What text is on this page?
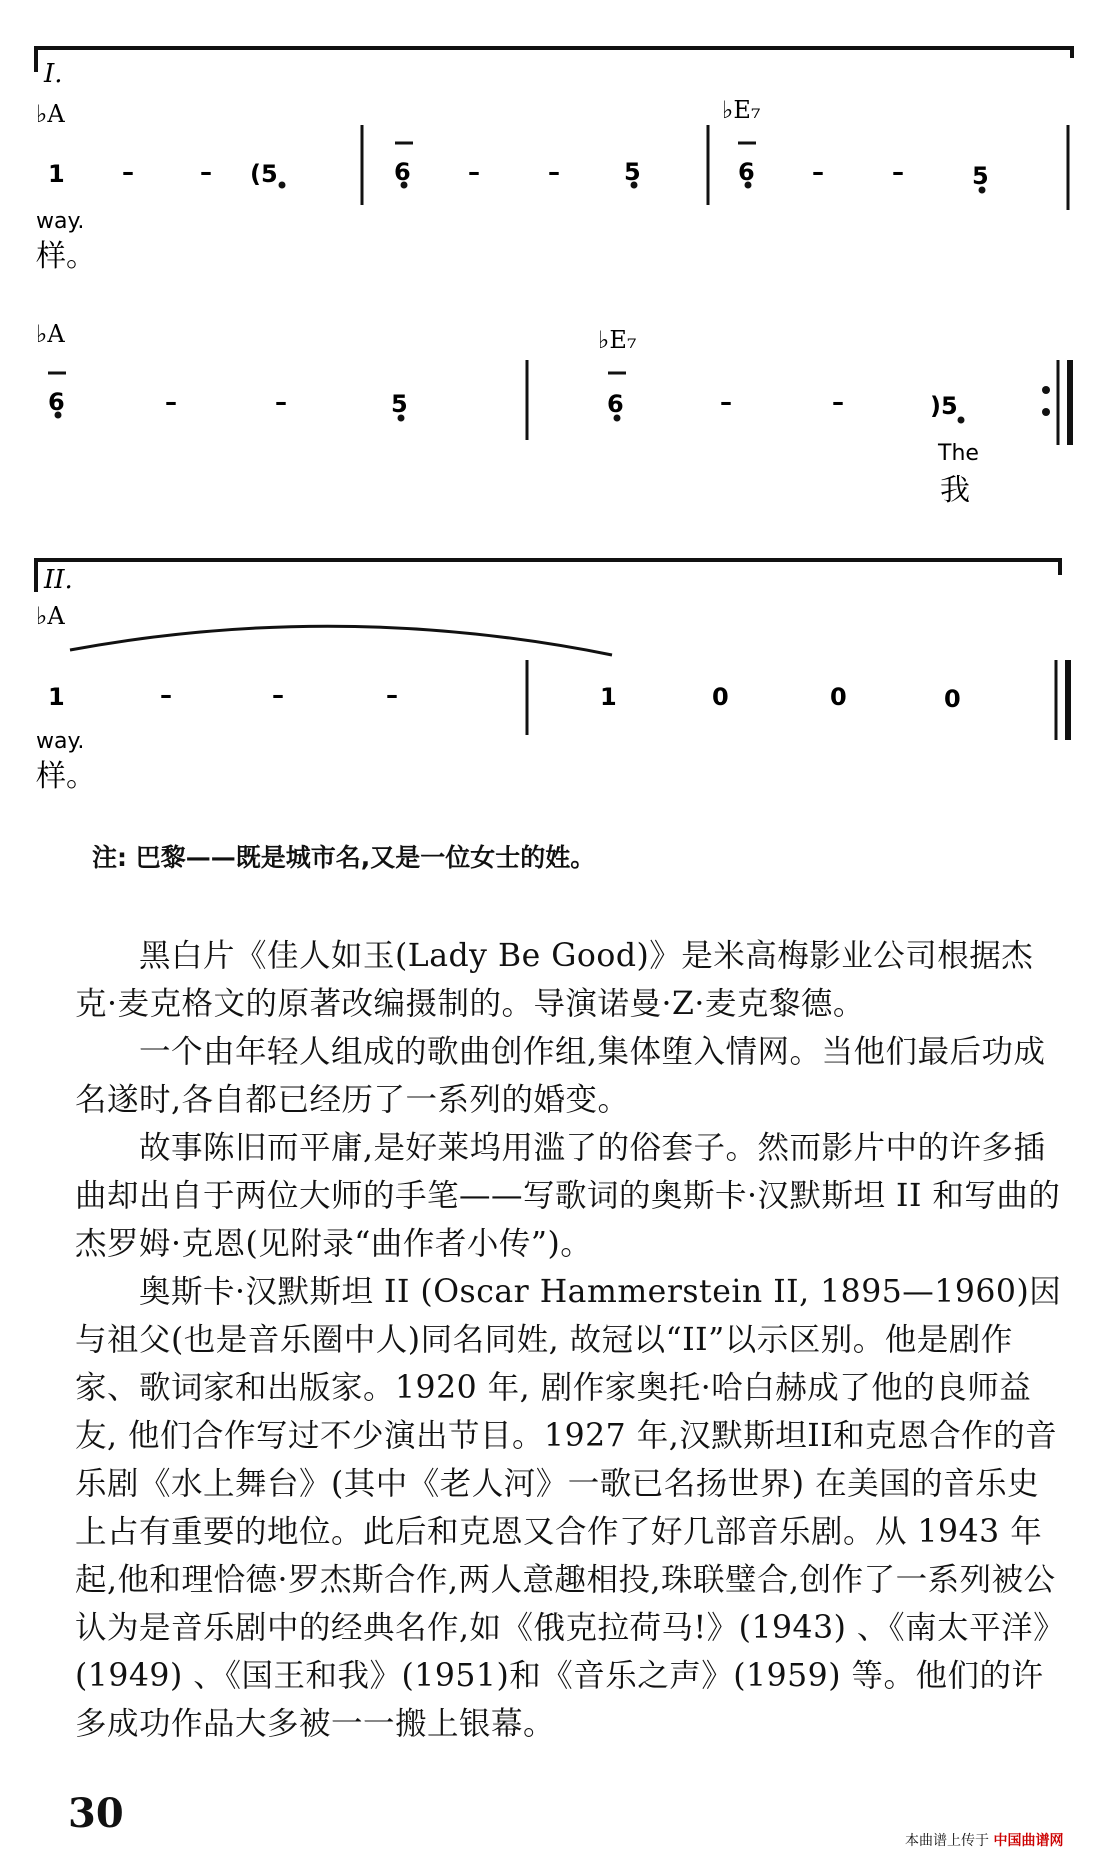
I.
♭A	♭E₇
1 –	– (5	6 –	–	5	6 –	–	5
way.
样。
♭A	♭E₇
6	–	–	5	6	–	–	)5
The
我
II.
♭A
1	–	–	–	1	0	0	0
way.
样。
注: 巴黎——既是城市名,又是一位女士的姓。

黑白片《佳人如玉(Lady Be Good)》是米高梅影业公司根据杰克·麦克格文的原著改编摄制的。导演诺曼·Z·麦克黎德。

一个由年轻人组成的歌曲创作组,集体堕入情网。当他们最后功成名遂时,各自都已经历了一系列的婚变。

故事陈旧而平庸,是好莱坞用滥了的俗套子。然而影片中的许多插曲却出自于两位大师的手笔——写歌词的奥斯卡·汉默斯坦 II 和写曲的杰罗姆·克恩(见附录“曲作者小传”)。

奥斯卡·汉默斯坦 II (Oscar Hammerstein II, 1895—1960)因与祖父(也是音乐圈中人)同名同姓, 故冠以“II”以示区别。他是剧作家、歌词家和出版家。1920 年, 剧作家奥托·哈白赫成了他的良师益友, 他们合作写过不少演出节目。1927 年,汉默斯坦II和克恩合作的音乐剧《水上舞台》(其中《老人河》一歌已名扬世界) 在美国的音乐史上占有重要的地位。此后和克恩又合作了好几部音乐剧。从 1943 年起,他和理恰德·罗杰斯合作,两人意趣相投,珠联璧合,创作了一系列被公认为是音乐剧中的经典名作,如《俄克拉荷马!》(1943) 、《南太平洋》(1949) 、《国王和我》(1951)和《音乐之声》(1959) 等。他们的许多成功作品大多被一一搬上银幕。

30
本曲谱上传于 中国曲谱网
